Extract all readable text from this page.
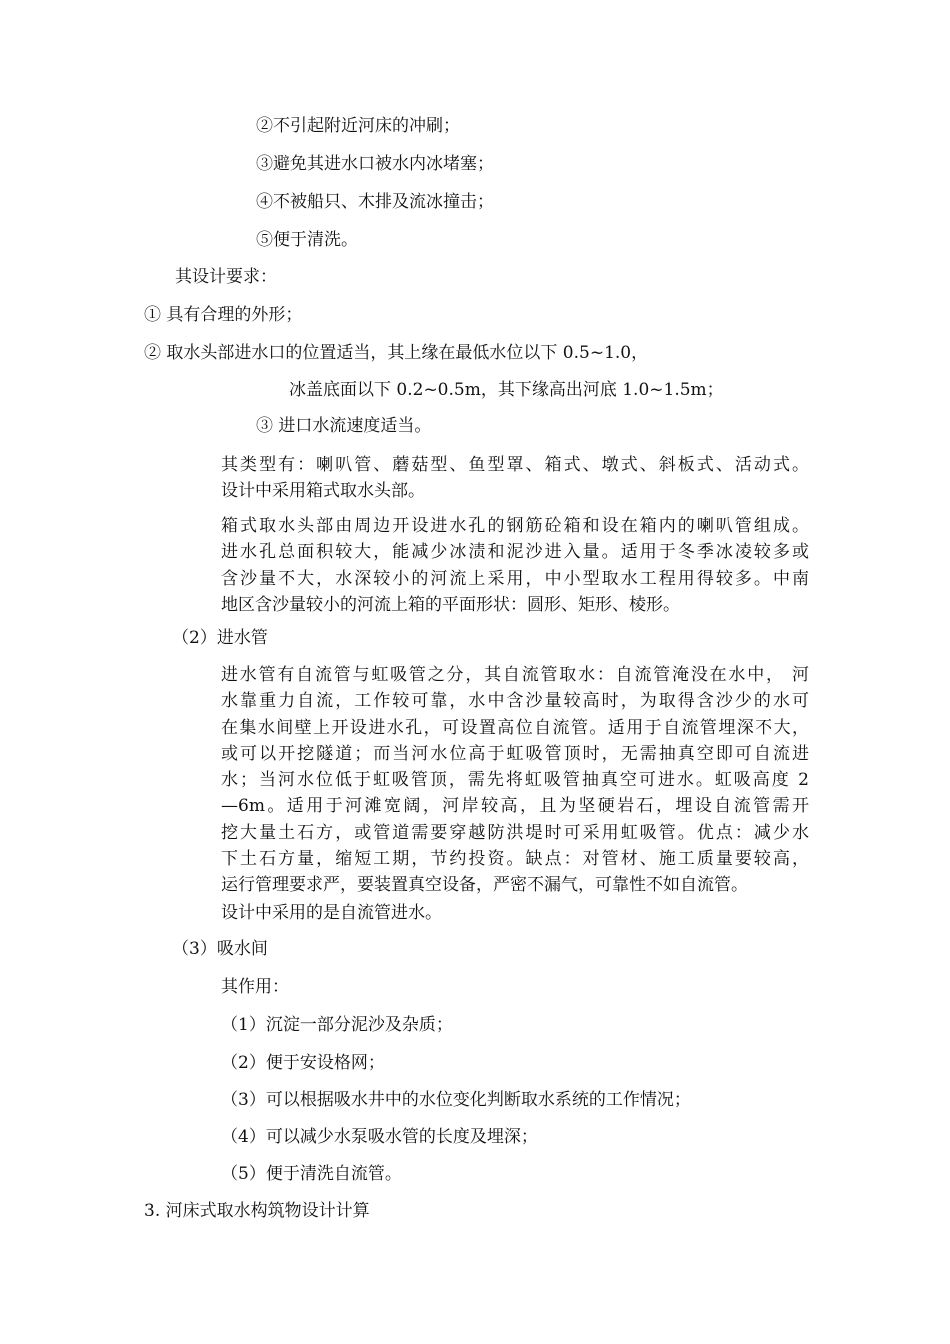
②不引起附近河床的冲刷；
③避免其进水口被水内冰堵塞；
④不被船只、木排及流冰撞击；
⑤便于清洗。
其设计要求：
① 具有合理的外形；
② 取水头部进水口的位置适当，其上缘在最低水位以下 0.5~1.0，
冰盖底面以下 0.2~0.5m，其下缘高出河底 1.0~1.5m；
③ 进口水流速度适当。
其类型有：喇叭管、蘑菇型、鱼型罩、箱式、墩式、斜板式、活动式。
设计中采用箱式取水头部。
箱式取水头部由周边开设进水孔的钢筋砼箱和设在箱内的喇叭管组成。
进水孔总面积较大，能减少冰渍和泥沙进入量。适用于冬季冰凌较多或
含沙量不大，水深较小的河流上采用，中小型取水工程用得较多。中南
地区含沙量较小的河流上箱的平面形状：圆形、矩形、棱形。
（2）进水管
进水管有自流管与虹吸管之分，其自流管取水：自流管淹没在水中， 河
水靠重力自流，工作较可靠，水中含沙量较高时，为取得含沙少的水可
在集水间壁上开设进水孔，可设置高位自流管。适用于自流管埋深不大，
或可以开挖隧道；而当河水位高于虹吸管顶时，无需抽真空即可自流进
水；当河水位低于虹吸管顶，需先将虹吸管抽真空可进水。虹吸高度 2
—6m。适用于河滩宽阔，河岸较高，且为坚硬岩石，埋设自流管需开
挖大量土石方，或管道需要穿越防洪堤时可采用虹吸管。优点：减少水
下土石方量，缩短工期，节约投资。缺点：对管材、施工质量要较高，
运行管理要求严，要装置真空设备，严密不漏气，可靠性不如自流管。
设计中采用的是自流管进水。
（3）吸水间
其作用：
（1）沉淀一部分泥沙及杂质；
（2）便于安设格网；
（3）可以根据吸水井中的水位变化判断取水系统的工作情况；
（4）可以减少水泵吸水管的长度及埋深；
（5）便于清洗自流管。
3. 河床式取水构筑物设计计算
